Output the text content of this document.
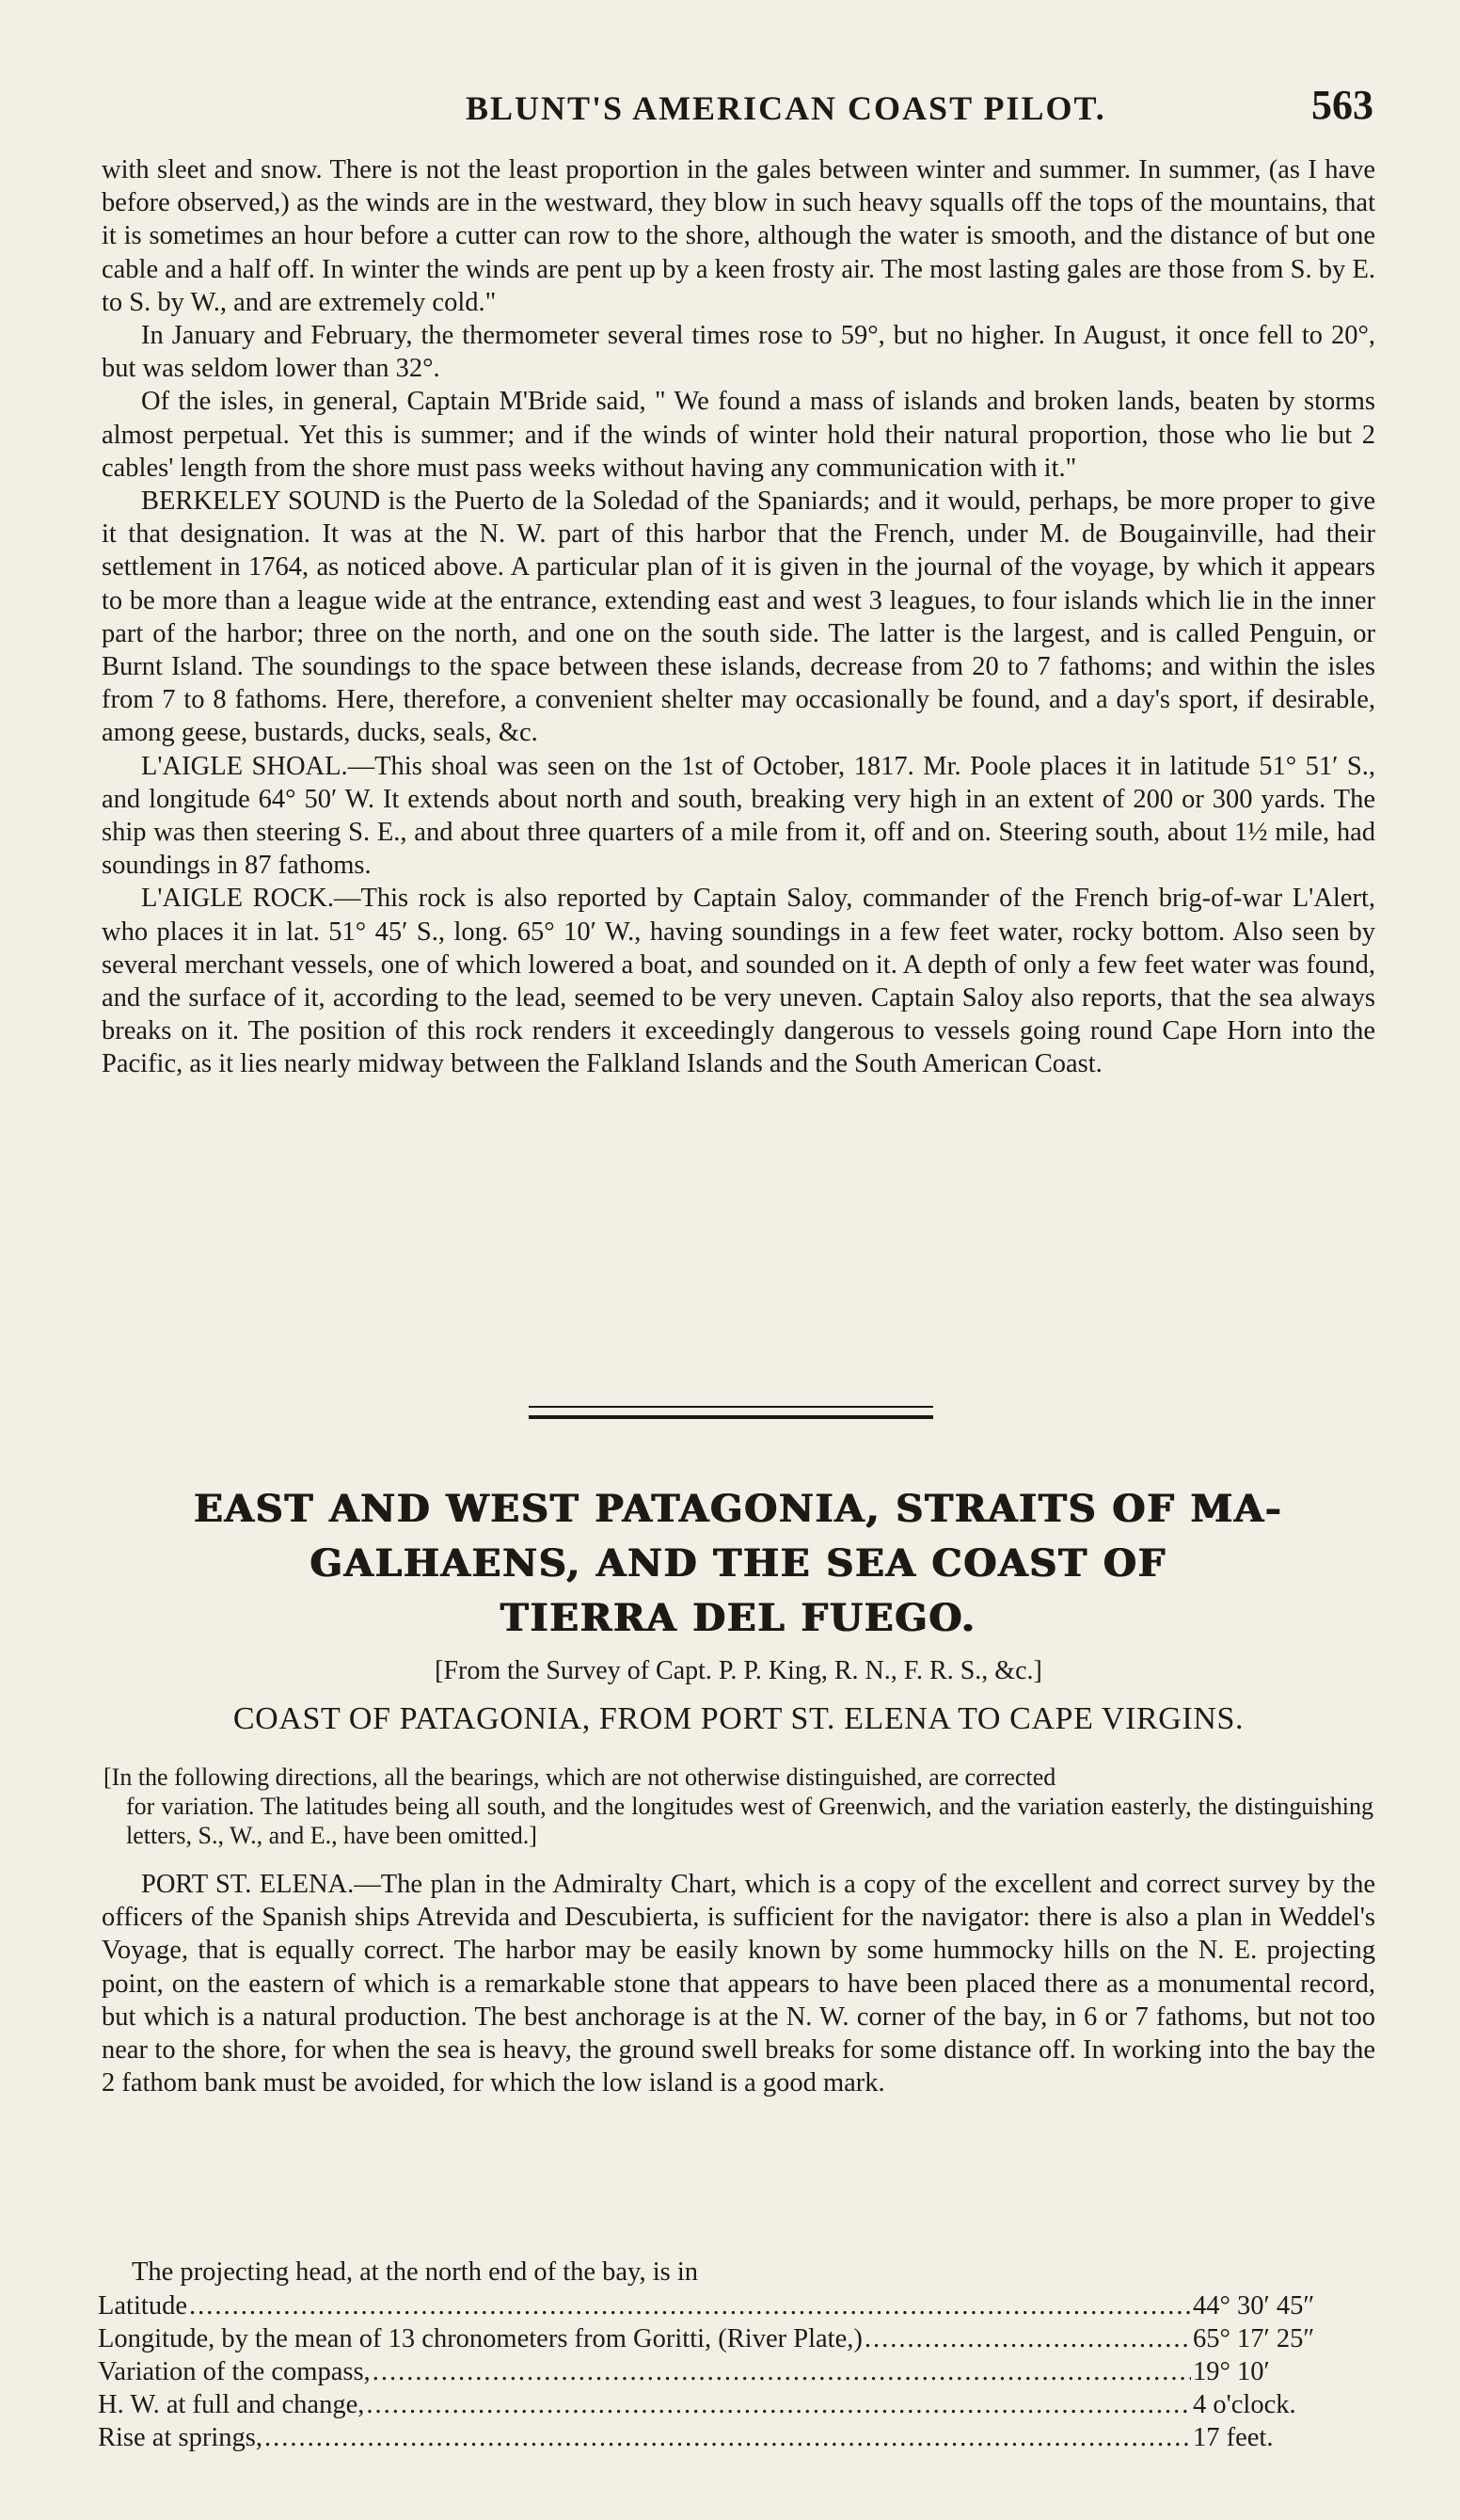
BLUNT'S AMERICAN COAST PILOT.	563

with sleet and snow. There is not the least proportion in the gales between winter and summer. In summer, (as I have before observed,) as the winds are in the westward, they blow in such heavy squalls off the tops of the mountains, that it is sometimes an hour before a cutter can row to the shore, although the water is smooth, and the distance of but one cable and a half off. In winter the winds are pent up by a keen frosty air. The most lasting gales are those from S. by E. to S. by W., and are extremely cold."

In January and February, the thermometer several times rose to 59°, but no higher. In August, it once fell to 20°, but was seldom lower than 32°.

Of the isles, in general, Captain M'Bride said, " We found a mass of islands and broken lands, beaten by storms almost perpetual. Yet this is summer; and if the winds of winter hold their natural proportion, those who lie but 2 cables' length from the shore must pass weeks without having any communication with it."

BERKELEY SOUND is the Puerto de la Soledad of the Spaniards; and it would, perhaps, be more proper to give it that designation. It was at the N. W. part of this harbor that the French, under M. de Bougainville, had their settlement in 1764, as noticed above. A particular plan of it is given in the journal of the voyage, by which it appears to be more than a league wide at the entrance, extending east and west 3 leagues, to four islands which lie in the inner part of the harbor; three on the north, and one on the south side. The latter is the largest, and is called Penguin, or Burnt Island. The soundings to the space between these islands, decrease from 20 to 7 fathoms; and within the isles from 7 to 8 fathoms. Here, therefore, a convenient shelter may occasionally be found, and a day's sport, if desirable, among geese, bustards, ducks, seals, &c.

L'AIGLE SHOAL.—This shoal was seen on the 1st of October, 1817. Mr. Poole places it in latitude 51° 51′ S., and longitude 64° 50′ W. It extends about north and south, breaking very high in an extent of 200 or 300 yards. The ship was then steering S. E., and about three quarters of a mile from it, off and on. Steering south, about 1½ mile, had soundings in 87 fathoms.

L'AIGLE ROCK.—This rock is also reported by Captain Saloy, commander of the French brig-of-war L'Alert, who places it in lat. 51° 45′ S., long. 65° 10′ W., having soundings in a few feet water, rocky bottom. Also seen by several merchant vessels, one of which lowered a boat, and sounded on it. A depth of only a few feet water was found, and the surface of it, according to the lead, seemed to be very uneven. Captain Saloy also reports, that the sea always breaks on it. The position of this rock renders it exceedingly dangerous to vessels going round Cape Horn into the Pacific, as it lies nearly midway between the Falkland Islands and the South American Coast.

EAST AND WEST PATAGONIA, STRAITS OF MA-
GALHAENS, AND THE SEA COAST OF
TIERRA DEL FUEGO.
[From the Survey of Capt. P. P. King, R. N., F. R. S., &c.]
COAST OF PATAGONIA, FROM PORT ST. ELENA TO CAPE VIRGINS.
[In the following directions, all the bearings, which are not otherwise distinguished, are corrected
for variation. The latitudes being all south, and the longitudes west of Greenwich, and the variation easterly, the distinguishing letters, S., W., and E., have been omitted.]

PORT ST. ELENA.—The plan in the Admiralty Chart, which is a copy of the excellent and correct survey by the officers of the Spanish ships Atrevida and Descubierta, is sufficient for the navigator: there is also a plan in Weddel's Voyage, that is equally correct. The harbor may be easily known by some hummocky hills on the N. E. projecting point, on the eastern of which is a remarkable stone that appears to have been placed there as a monumental record, but which is a natural production. The best anchorage is at the N. W. corner of the bay, in 6 or 7 fathoms, but not too near to the shore, for when the sea is heavy, the ground swell breaks for some distance off. In working into the bay the 2 fathom bank must be avoided, for which the low island is a good mark.

The projecting head, at the north end of the bay, is in
Latitude .....	44° 30′ 45″
Longitude, by the mean of 13 chronometers from Goritti, (River Plate,) .....	65° 17′ 25″
Variation of the compass, .....	19° 10′
H. W. at full and change, .....	4 o'clock.
Rise at springs, .....	17 feet.
